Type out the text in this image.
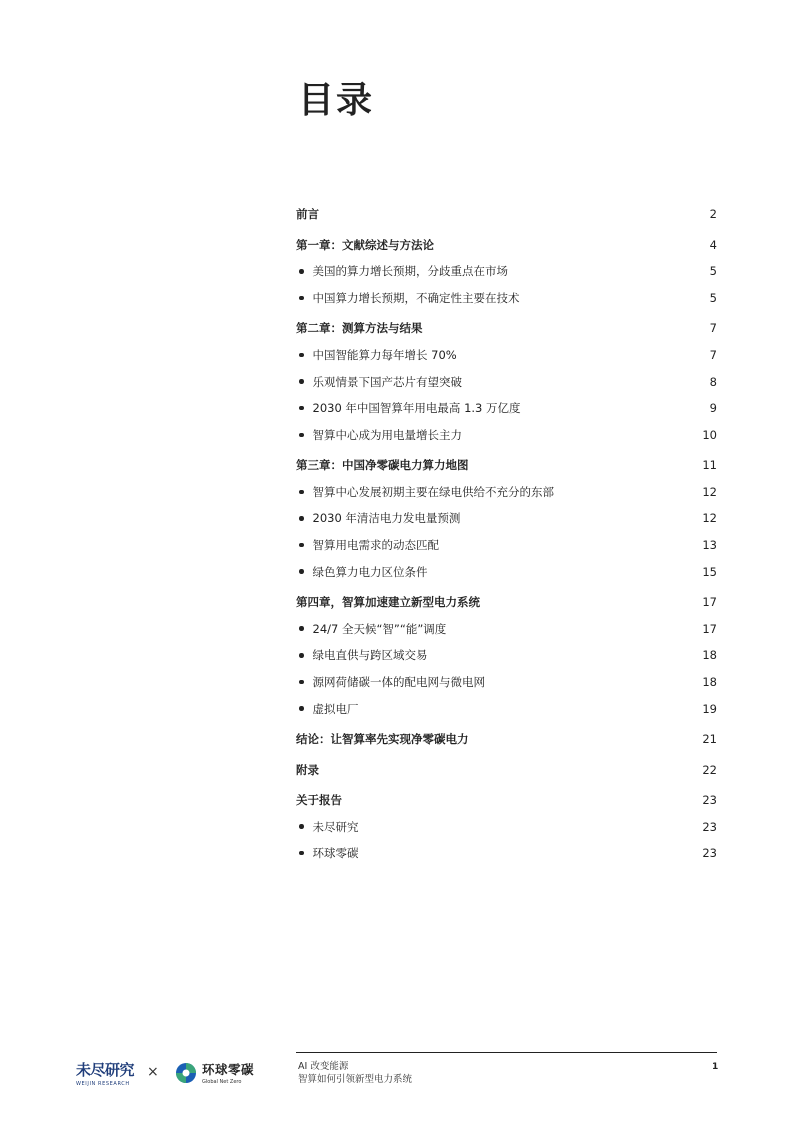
目录
前言	2
第一章：文献综述与方法论	4
美国的算力增长预期，分歧重点在市场	5
中国算力增长预期，不确定性主要在技术	5
第二章：测算方法与结果	7
中国智能算力每年增长 70%	7
乐观情景下国产芯片有望突破	8
2030 年中国智算年用电最高 1.3 万亿度	9
智算中心成为用电量增长主力	10
第三章：中国净零碳电力算力地图	11
智算中心发展初期主要在绿电供给不充分的东部	12
2030 年清洁电力发电量预测	12
智算用电需求的动态匹配	13
绿色算力电力区位条件	15
第四章，智算加速建立新型电力系统	17
24/7 全天候“智”“能”调度	17
绿电直供与跨区域交易	18
源网荷储碳一体的配电网与微电网	18
虚拟电厂	19
结论：让智算率先实现净零碳电力	21
附录	22
关于报告	23
未尽研究	23
环球零碳	23
未尽研究
WEIJIN RESEARCH
×	环球零碳
Global Net Zero
AI 改变能源
智算如何引领新型电力系统
1
